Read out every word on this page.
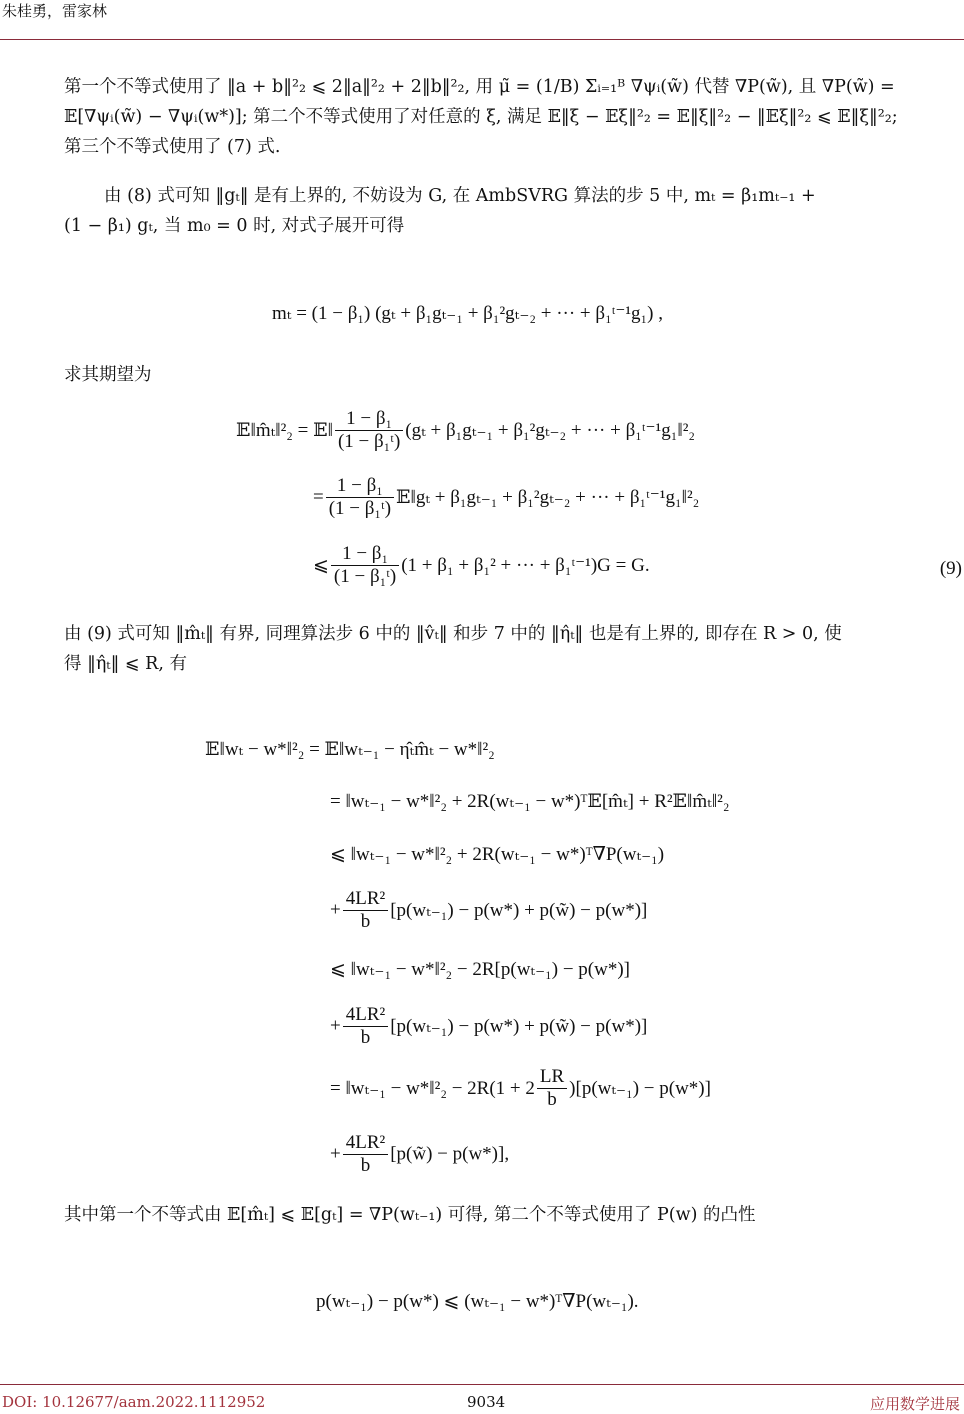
朱桂勇，雷家林
第一个不等式使用了 ‖a + b‖²₂ ⩽ 2‖a‖²₂ + 2‖b‖²₂, 用 μ̃ = (1/B) Σᵢ₌₁ᴮ ∇ψᵢ(w̃) 代替 ∇P(w̃), 且 ∇P(w̃) =
𝔼[∇ψᵢ(w̃) − ∇ψᵢ(w*)]; 第二个不等式使用了对任意的 ξ, 满足 𝔼‖ξ − 𝔼ξ‖²₂ = 𝔼‖ξ‖²₂ − ‖𝔼ξ‖²₂ ⩽ 𝔼‖ξ‖²₂;
第三个不等式使用了 (7) 式.
由 (8) 式可知 ‖gₜ‖ 是有上界的, 不妨设为 G, 在 AmbSVRG 算法的步 5 中, mₜ = β₁mₜ₋₁ +
(1 − β₁) gₜ, 当 m₀ = 0 时, 对式子展开可得
mₜ = (1 − β₁) (gₜ + β₁gₜ₋₁ + β₁²gₜ₋₂ + ··· + β₁ᵗ⁻¹g₁) ,
求其期望为
𝔼‖m̂ₜ‖²₂ = 𝔼‖ $\frac{\text{1 − β₁}}{\text{(1 − β₁ᵗ)}} (g_t + \beta_1g_{t-1} + \beta_1^2g_{t-2}$ + ··· + β₁ᵗ⁻¹g₁‖²₂
= $\frac{\text{1 − β₁}}{\text{(1 − β₁ᵗ)}}$ 𝔼‖gₜ + β₁gₜ₋₁ + β₁²gₜ₋₂ + ··· + β₁ᵗ⁻¹g₁‖²₂
⩽ $\frac{\text{1 − β₁}}{\text{(1 − β₁ᵗ)}} (1 + \beta_1 + \beta_1^2$ + ··· + β₁ᵗ⁻¹)G = G.	(9)
由 (9) 式可知 ‖m̂ₜ‖ 有界, 同理算法步 6 中的 ‖v̂ₜ‖ 和步 7 中的 ‖η̂ₜ‖ 也是有上界的, 即存在 R > 0, 使
得 ‖η̂ₜ‖ ⩽ R, 有
𝔼‖wₜ − w*‖²₂ = 𝔼‖wₜ₋₁ − η̂ₜm̂ₜ − w*‖²₂
= ‖wₜ₋₁ − w*‖²₂ + 2R(wₜ₋₁ − w*)ᵀ𝔼[m̂ₜ] + R²𝔼‖m̂ₜ‖²₂
⩽ ‖wₜ₋₁ − w*‖²₂ + 2R(wₜ₋₁ − w*)ᵀ∇P(wₜ₋₁)
+ $\frac{\text{4LR²}}{b} [p(w_{t-1}) - p(w*)$ + p(w̃) − p(w*)]
⩽ ‖wₜ₋₁ − w*‖²₂ − 2R[p(wₜ₋₁) − p(w*)]
+ $\frac{\text{4LR²}}{b} [p(w_{t-1}) - p(w*)$ + p(w̃) − p(w*)]
= ‖wₜ₋₁ − w*‖²₂ − $2R(1 + 2 \frac{LR}{b} )[p(w_{t-1}) - p(w*)]$
+ $\frac{\text{4LR²}}{b}$ [p(w̃) − p(w*)],
其中第一个不等式由 𝔼[m̂ₜ] ⩽ 𝔼[gₜ] = ∇P(wₜ₋₁) 可得, 第二个不等式使用了 P(w) 的凸性
p(wₜ₋₁) − p(w*) ⩽ (wₜ₋₁ − w*)ᵀ∇P(wₜ₋₁).
DOI: 10.12677/aam.2022.1112952	9034	应用数学进展
